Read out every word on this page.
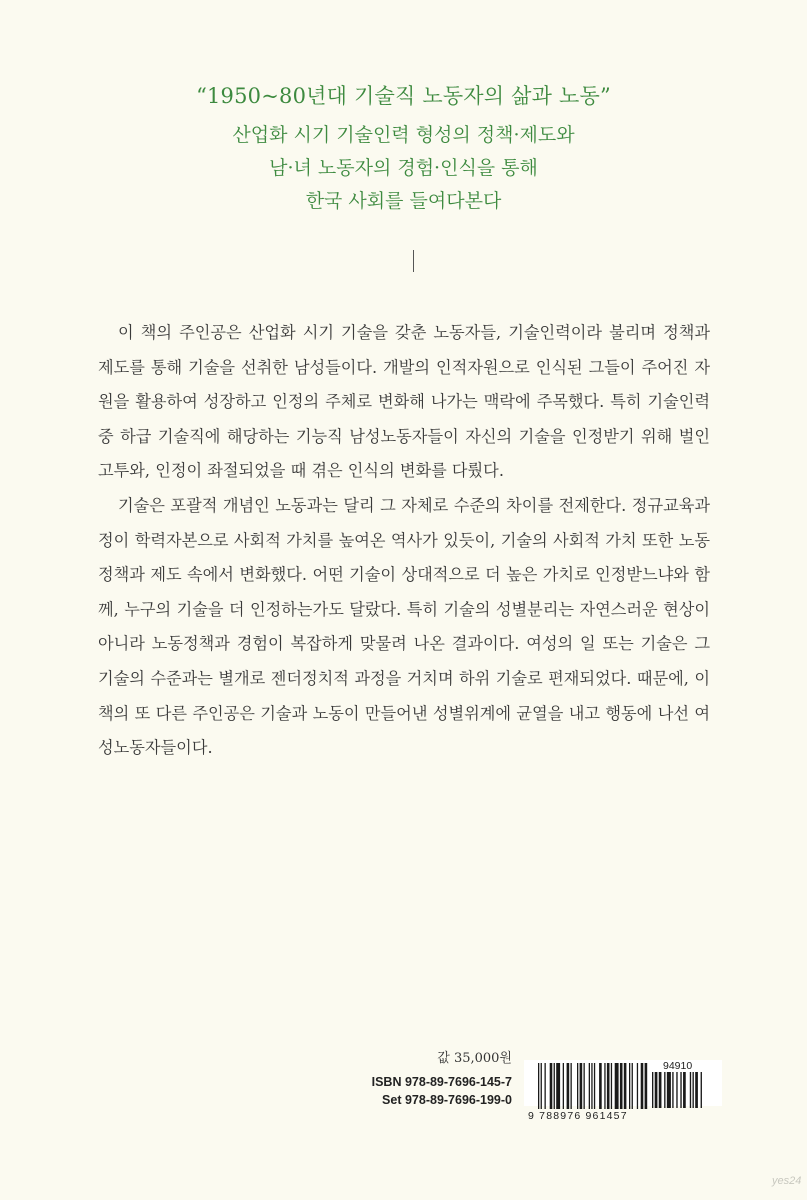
“1950~80년대 기술직 노동자의 삶과 노동”
산업화 시기 기술인력 형성의 정책·제도와
남·녀 노동자의 경험·인식을 통해
한국 사회를 들여다본다

이 책의 주인공은 산업화 시기 기술을 갖춘 노동자들, 기술인력이라 불리며 정책과 제도를 통해 기술을 선취한 남성들이다. 개발의 인적자원으로 인식된 그들이 주어진 자원을 활용하여 성장하고 인정의 주체로 변화해 나가는 맥락에 주목했다. 특히 기술인력 중 하급 기술직에 해당하는 기능직 남성노동자들이 자신의 기술을 인정받기 위해 벌인 고투와, 인정이 좌절되었을 때 겪은 인식의 변화를 다뤘다.

기술은 포괄적 개념인 노동과는 달리 그 자체로 수준의 차이를 전제한다. 정규교육과정이 학력자본으로 사회적 가치를 높여온 역사가 있듯이, 기술의 사회적 가치 또한 노동정책과 제도 속에서 변화했다. 어떤 기술이 상대적으로 더 높은 가치로 인정받느냐와 함께, 누구의 기술을 더 인정하는가도 달랐다. 특히 기술의 성별분리는 자연스러운 현상이 아니라 노동정책과 경험이 복잡하게 맞물려 나온 결과이다. 여성의 일 또는 기술은 그 기술의 수준과는 별개로 젠더정치적 과정을 거치며 하위 기술로 편재되었다. 때문에, 이 책의 또 다른 주인공은 기술과 노동이 만들어낸 성별위계에 균열을 내고 행동에 나선 여성노동자들이다.

값 35,000원
ISBN 978-89-7696-145-7
Set 978-89-7696-199-0
94910
9 788976 961457
yes24
